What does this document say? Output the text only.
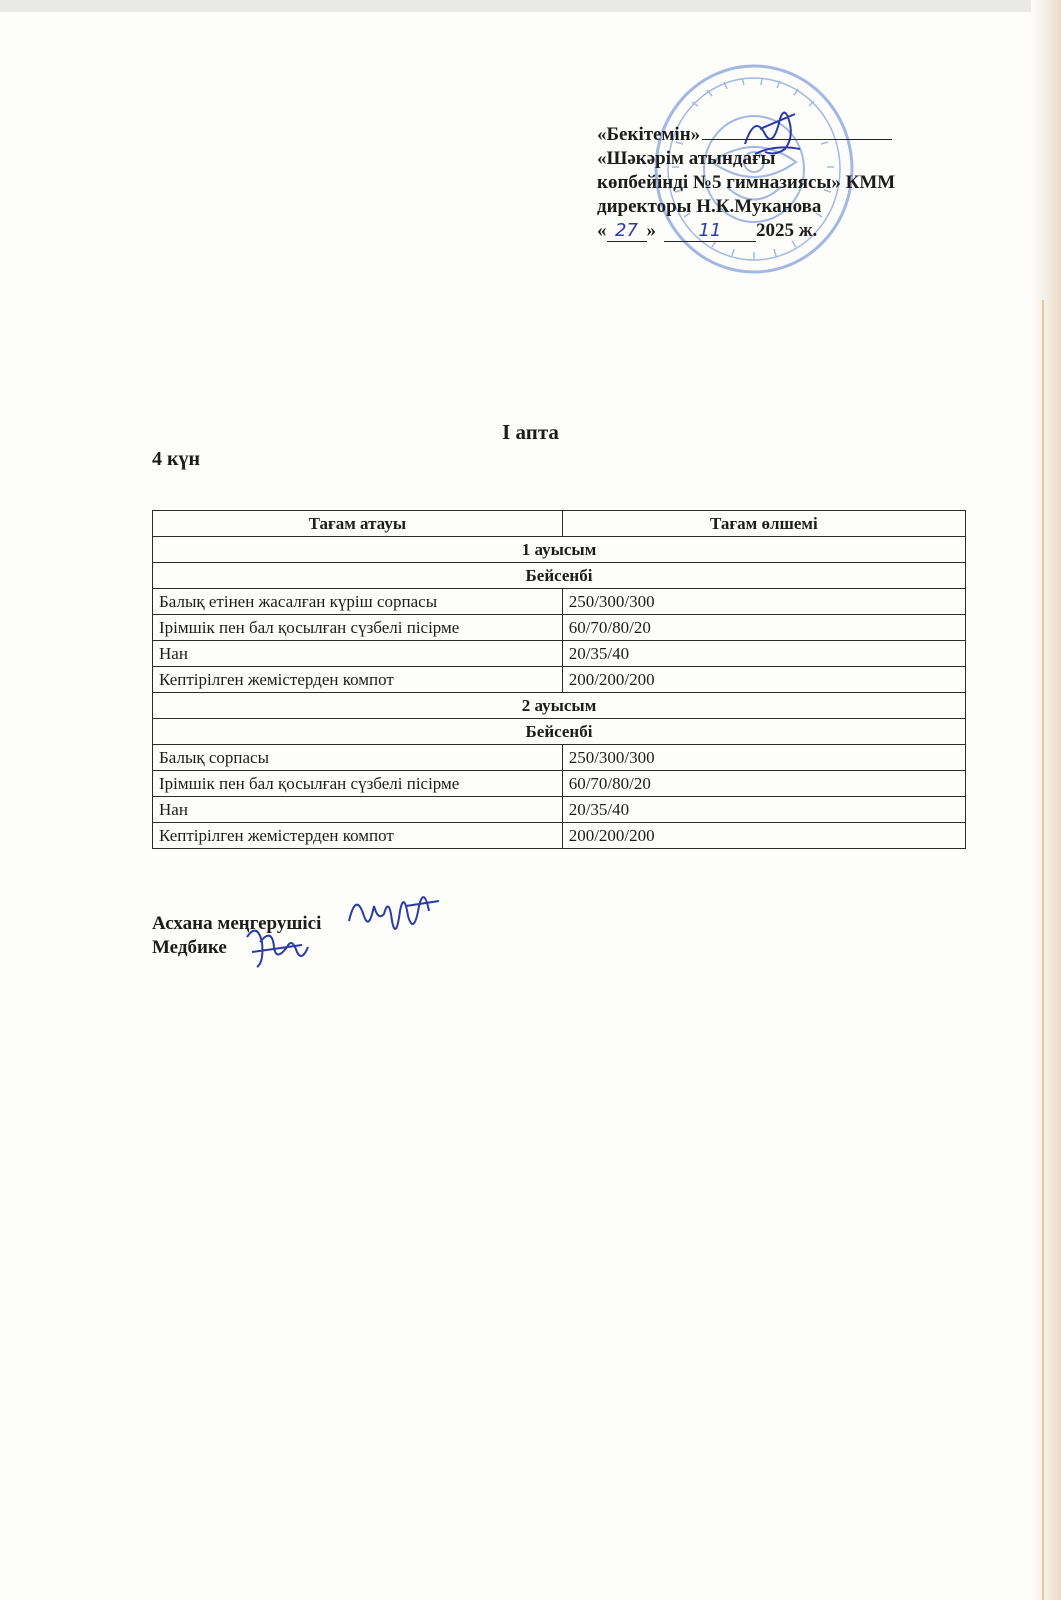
«Бекітемін»
«Шәкәрім атындағы
көпбейінді №5 гимназиясы» КММ
директоры Н.К.Муканова
« 27 » 11 2025 ж.
I апта
4 күн
Тағам атауы	Тағам өлшемі
1 ауысым	
Бейсенбі	
Балық етінен жасалған күріш сорпасы	250/300/300
Ірімшік пен бал қосылған сүзбелі пісірме	60/70/80/20
Нан	20/35/40
Кептірілген жемістерден компот	200/200/200
2 ауысым	
Бейсенбі	
Балық сорпасы	250/300/300
Ірімшік пен бал қосылған сүзбелі пісірме	60/70/80/20
Нан	20/35/40
Кептірілген жемістерден компот	200/200/200
Асхана меңгерушісі
Медбике
